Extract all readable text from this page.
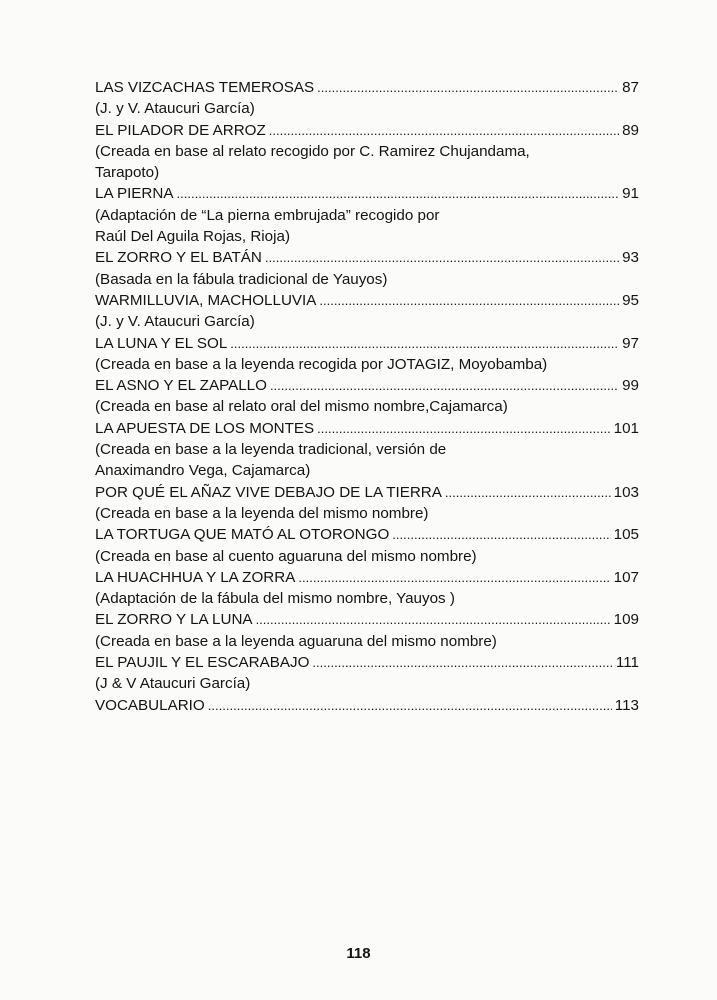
LAS VIZCACHAS TEMEROSAS . . .	87
(J. y V. Atauc​uri García)
EL PILADOR DE ARROZ . . .	89
(Creada en base al relato recogido por C. Ramirez Chujandama,
Tarapoto)
LA PIERNA . . .	91
(Adaptación de “La pierna embrujada” recogido por
Raúl Del Aguila Rojas, Rioja)
EL ZORRO Y EL BATÁN . . .	93
(Basada en la fábula tradicional de Yauyos)
WARMILLUVIA, MACHOLLUVIA . . .	95
(J. y V. Atauc​uri García)
LA LUNA Y EL SOL . . .	97
(Creada en base a la leyenda recogida por JOTAGIZ, Moyobamba)
EL ASNO Y EL ZAPALLO . . .	99
(Creada en base al relato oral del mismo nombre,Cajamarca)
LA APUESTA DE LOS MONTES . . .	101
(Creada en base a la leyenda tradicional, versión de
Anaximandro Vega, Cajamarca)
POR QUÉ EL AÑAZ VIVE DEBAJO DE LA TIERRA . . .	103
(Creada en base a la leyenda del mismo nombre)
LA TORTUGA QUE MATÓ AL OTORONGO . . .	105
(Creada en base al cuento aguaruna del mismo nombre)
LA HUACHHUA Y LA ZORRA . . .	107
(Adaptación de la fábula del mismo nombre, Yauyos )
EL ZORRO Y LA LUNA . . .	109
(Creada en base a la leyenda aguaruna del mismo nombre)
EL PAUJIL Y EL ESCARABAJO . . .	111
(J & V Atauc​uri García)
VOCABULARIO . . .	113
118
